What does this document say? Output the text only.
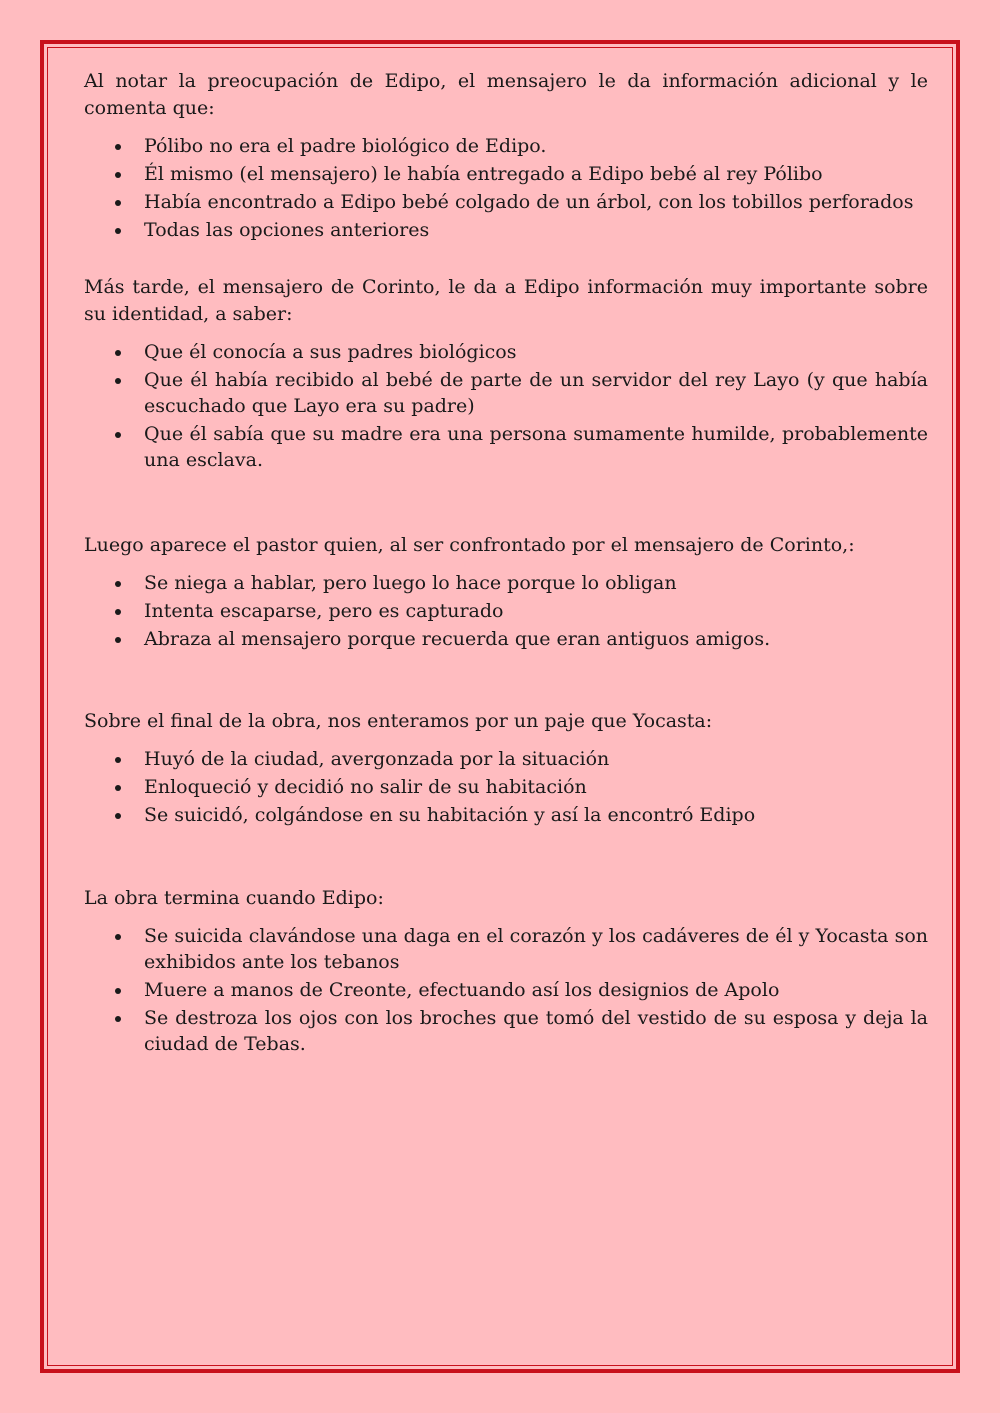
Al notar la preocupación de Edipo, el mensajero le da información adicional y le comenta que:

Pólibo no era el padre biológico de Edipo.
Él mismo (el mensajero) le había entregado a Edipo bebé al rey Pólibo
Había encontrado a Edipo bebé colgado de un árbol, con los tobillos perforados
Todas las opciones anteriores

Más tarde, el mensajero de Corinto, le da a Edipo información muy importante sobre su identidad, a saber:

Que él conocía a sus padres biológicos
Que él había recibido al bebé de parte de un servidor del rey Layo (y que había escuchado que Layo era su padre)
Que él sabía que su madre era una persona sumamente humilde, probablemente una esclava.

Luego aparece el pastor quien, al ser confrontado por el mensajero de Corinto,:

Se niega a hablar, pero luego lo hace porque lo obligan
Intenta escaparse, pero es capturado
Abraza al mensajero porque recuerda que eran antiguos amigos.

Sobre el final de la obra, nos enteramos por un paje que Yocasta:

Huyó de la ciudad, avergonzada por la situación
Enloqueció y decidió no salir de su habitación
Se suicidó, colgándose en su habitación y así la encontró Edipo

La obra termina cuando Edipo:

Se suicida clavándose una daga en el corazón y los cadáveres de él y Yocasta son exhibidos ante los tebanos
Muere a manos de Creonte, efectuando así los designios de Apolo
Se destroza los ojos con los broches que tomó del vestido de su esposa y deja la ciudad de Tebas.
